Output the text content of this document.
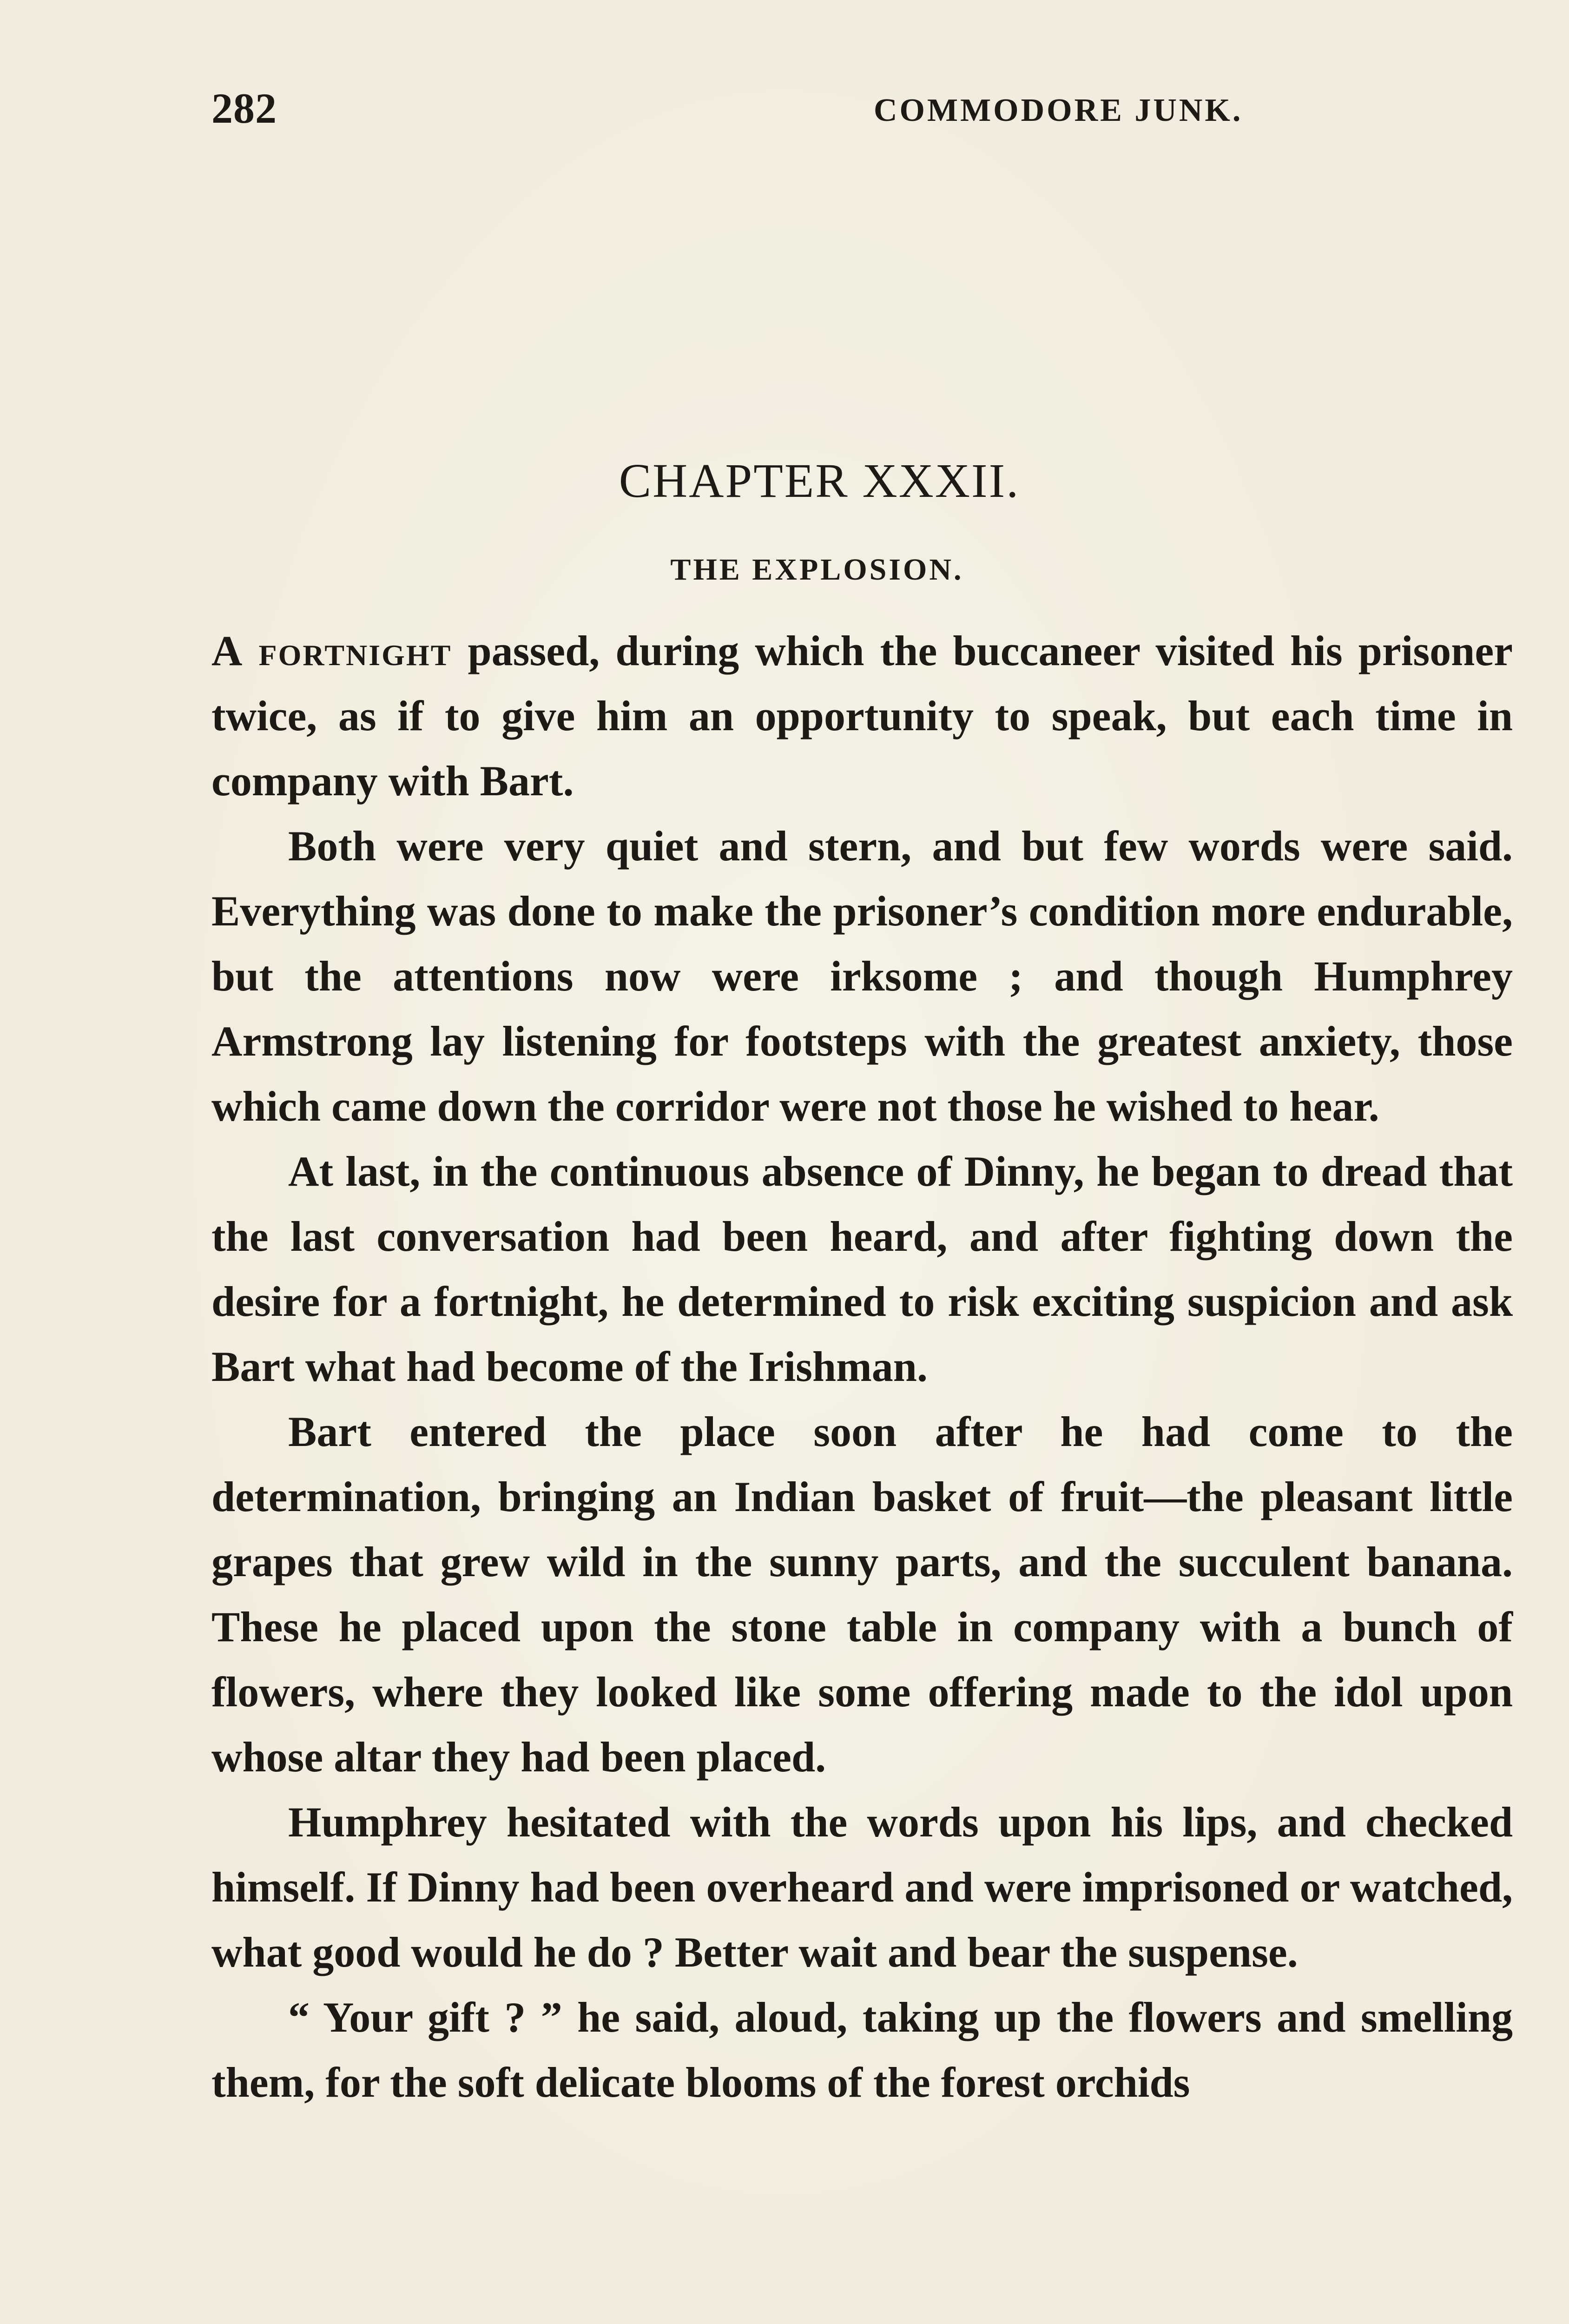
282	COMMODORE JUNK.
CHAPTER XXXII.
THE EXPLOSION.

A fortnight passed, during which the buccaneer visited his prisoner twice, as if to give him an opportunity to speak, but each time in company with Bart.

Both were very quiet and stern, and but few words were said. Everything was done to make the prisoner’s condition more endurable, but the attentions now were irksome ; and though Humphrey Armstrong lay listening for footsteps with the greatest anxiety, those which came down the corridor were not those he wished to hear.

At last, in the continuous absence of Dinny, he began to dread that the last conversation had been heard, and after fighting down the desire for a fortnight, he determined to risk exciting suspicion and ask Bart what had become of the Irishman.

Bart entered the place soon after he had come to the determination, bringing an Indian basket of fruit—the pleasant little grapes that grew wild in the sunny parts, and the succulent banana. These he placed upon the stone table in company with a bunch of flowers, where they looked like some offering made to the idol upon whose altar they had been placed.

Humphrey hesitated with the words upon his lips, and checked himself. If Dinny had been overheard and were imprisoned or watched, what good would he do ? Better wait and bear the suspense.

“ Your gift ? ” he said, aloud, taking up the flowers and smelling them, for the soft delicate blooms of the forest orchids
